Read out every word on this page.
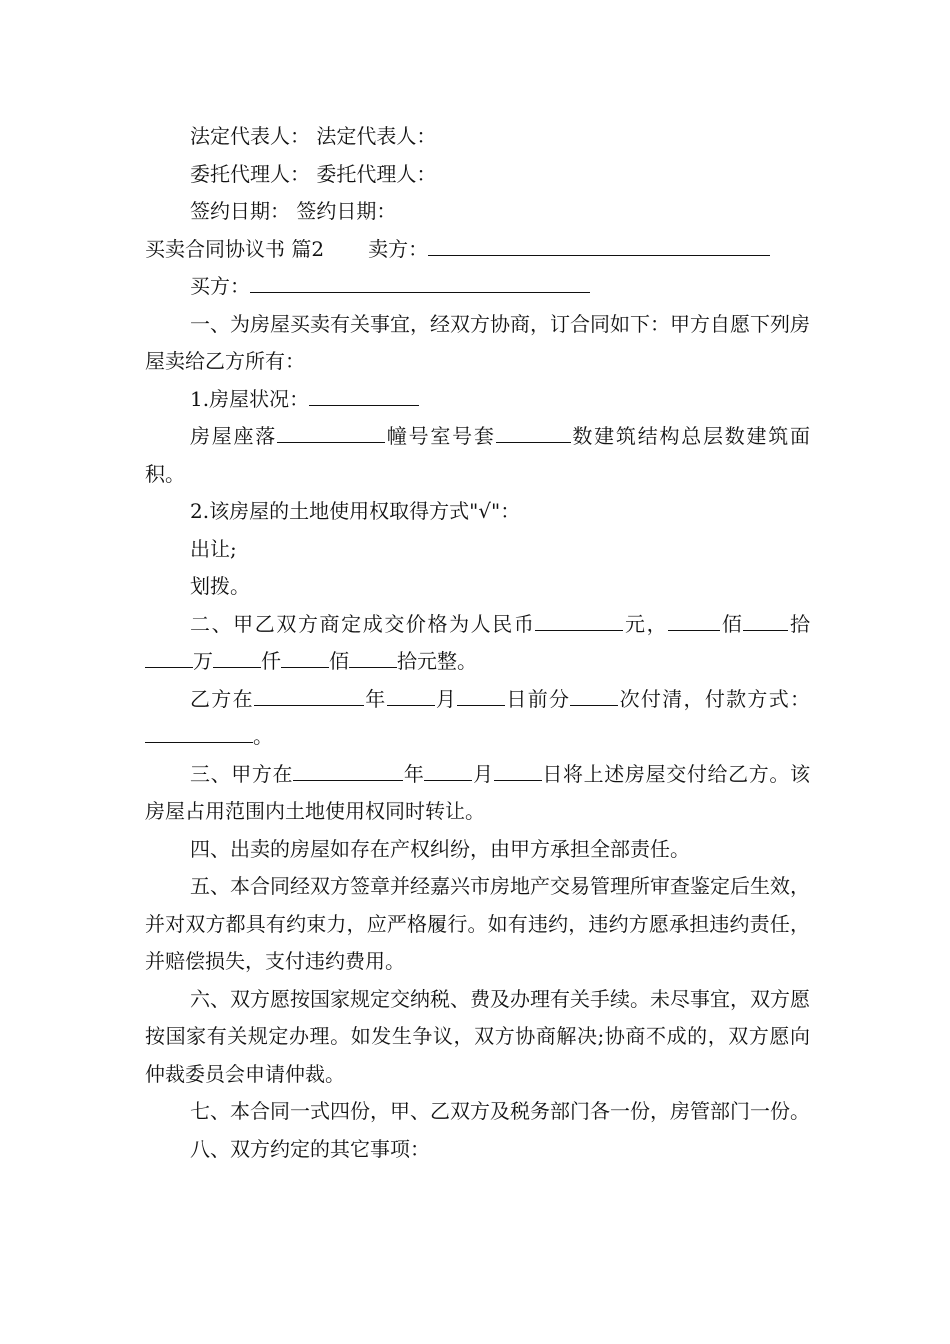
法定代表人： 法定代表人：
委托代理人： 委托代理人：
签约日期： 签约日期：
买卖合同协议书 篇2 卖方：
买方：
一、为房屋买卖有关事宜，经双方协商，订合同如下：甲方自愿下列房屋卖给乙方所有：
1.房屋状况：
房屋座落	幢号室号套	数建筑结构总层数建筑面积。
2.该房屋的土地使用权取得方式"√"：
出让;
划拨。
二、甲乙双方商定成交价格为人民币	元，	佰 拾万 仟 佰 拾元整。
乙方在	年 月 日前分 次付清，付款方式：。
三、甲方在	年 月 日将上述房屋交付给乙方。该房屋占用范围内土地使用权同时转让。
四、出卖的房屋如存在产权纠纷，由甲方承担全部责任。
五、本合同经双方签章并经嘉兴市房地产交易管理所审查鉴定后生效，并对双方都具有约束力，应严格履行。如有违约，违约方愿承担违约责任，并赔偿损失，支付违约费用。
六、双方愿按国家规定交纳税、费及办理有关手续。未尽事宜，双方愿按国家有关规定办理。如发生争议，双方协商解决;协商不成的，双方愿向仲裁委员会申请仲裁。
七、本合同一式四份，甲、乙双方及税务部门各一份，房管部门一份。
八、双方约定的其它事项：
